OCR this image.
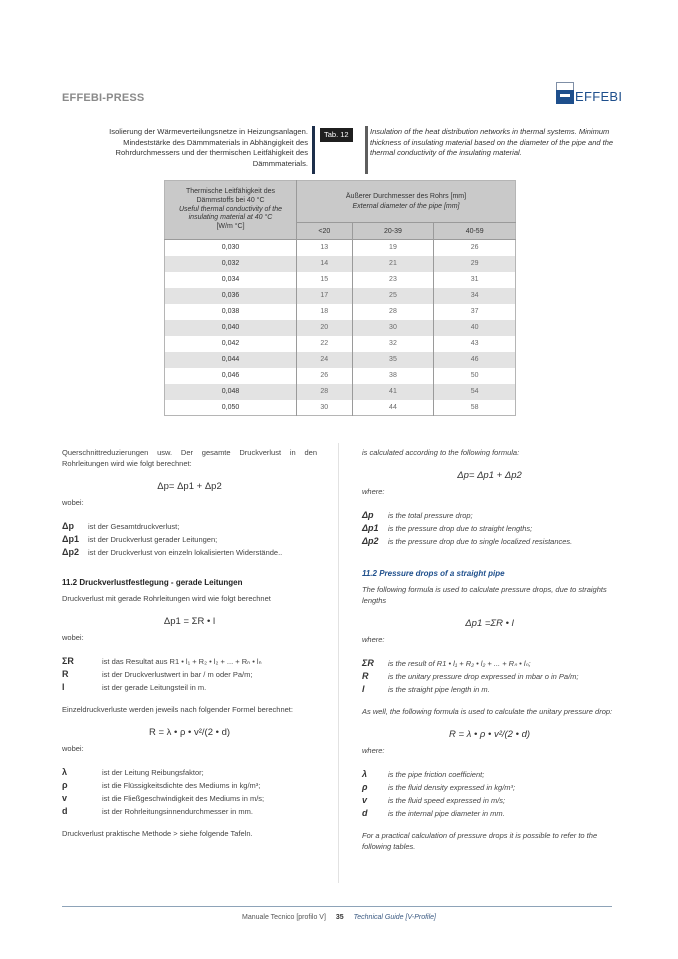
EFFEBI-PRESS	EFFEBI
Isolierung der Wärmeverteilungsnetze in Heizungsanlagen. Mindeststärke des Dämmmaterials in Abhängigkeit des Rohrdurchmessers und der thermischen Leitfähigkeit des Dämmmaterials.
Tab. 12	Insulation of the heat distribution networks in thermal systems. Minimum thickness of insulating material based on the diameter of the pipe and the thermal conductivity of the insulating material.
Thermische Leitfähigkeit des Dämmstoffs bei 40 °C
Useful thermal conductivity of the insulating material at 40 °C
[W/m °C]

Äußerer Durchmesser des Rohrs [mm]
External diameter of the pipe [mm]

	<20	20-39	40-59
0,030	13	19	26
0,032	14	21	29
0,034	15	23	31
0,036	17	25	34
0,038	18	28	37
0,040	20	30	40
0,042	22	32	43
0,044	24	35	46
0,046	26	38	50
0,048	28	41	54
0,050	30	44	58

Querschnittreduzierungen usw. Der gesamte Druckverlust in den Rohrleitungen wird wie folgt berechnet:

Δp= Δp1 + Δp2

wobei:

Δp	ist der Gesamtdruckverlust;
Δp1	ist der Druckverlust gerader Leitungen;
Δp2	ist der Druckverlust von einzeln lokalisierten Widerstände..
11.2 Druckverlustfestlegung - gerade Leitungen

Druckverlust mit gerade Rohrleitungen wird wie folgt berechnet

Δp1 = ΣR • l

wobei:

ΣR	ist das Resultat aus R1 • l₁ + R₂ • l₂ + ... + Rₙ • lₙ
R	ist der Druckverlustwert in bar / m oder Pa/m;
l	ist der gerade Leitungsteil in m.

Einzeldruckverluste werden jeweils nach folgender Formel berechnet:

R = λ • ρ • v²/(2 • d)

wobei:

λ	ist der Leitung Reibungsfaktor;
ρ	ist die Flüssigkeitsdichte des Mediums in kg/m³;
v	ist die Fließgeschwindigkeit des Mediums in m/s;
d	ist der Rohrleitungsinnendurchmesser in mm.

Druckverlust praktische Methode > siehe folgende Tafeln.

is calculated according to the following formula:

Δp= Δp1 + Δp2

where:

Δp	is the total pressure drop;
Δp1	is the pressure drop due to straight lengths;
Δp2	is the pressure drop due to single localized resistances.
11.2 Pressure drops of a straight pipe

The following formula is used to calculate pressure drops, due to straights lengths

Δp1 =ΣR • l

where:

ΣR	is the result of R1 • l₁ + R₂ • l₂ + ... + Rₙ • lₙ;
R	is the unitary pressure drop expressed in mbar o in Pa/m;
l	is the straight pipe length in m.

As well, the following formula is used to calculate the unitary pressure drop:

R = λ • ρ • v²/(2 • d)

where:

λ	is the pipe friction coefficient;
ρ	is the fluid density expressed in kg/m³;
v	is the fluid speed expressed in m/s;
d	is the internal pipe diameter in mm.

For a practical calculation of pressure drops it is possible to refer to the following tables.

Manuale Tecnico [profilo V] 35 Technical Guide [V-Profile]
